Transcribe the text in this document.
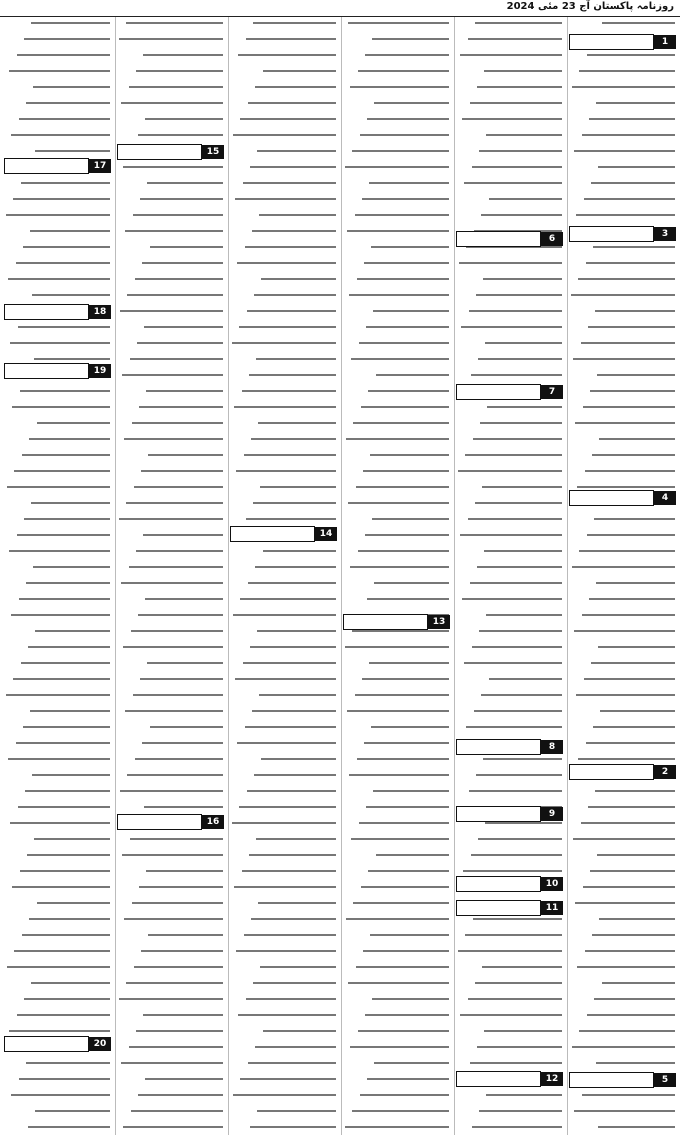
روزنامہ پاکستان آج 23 مئی 2024
1
3
4
2
5
6
7
8
9
10
11
12
13
14
15
16
17
18
19
20
